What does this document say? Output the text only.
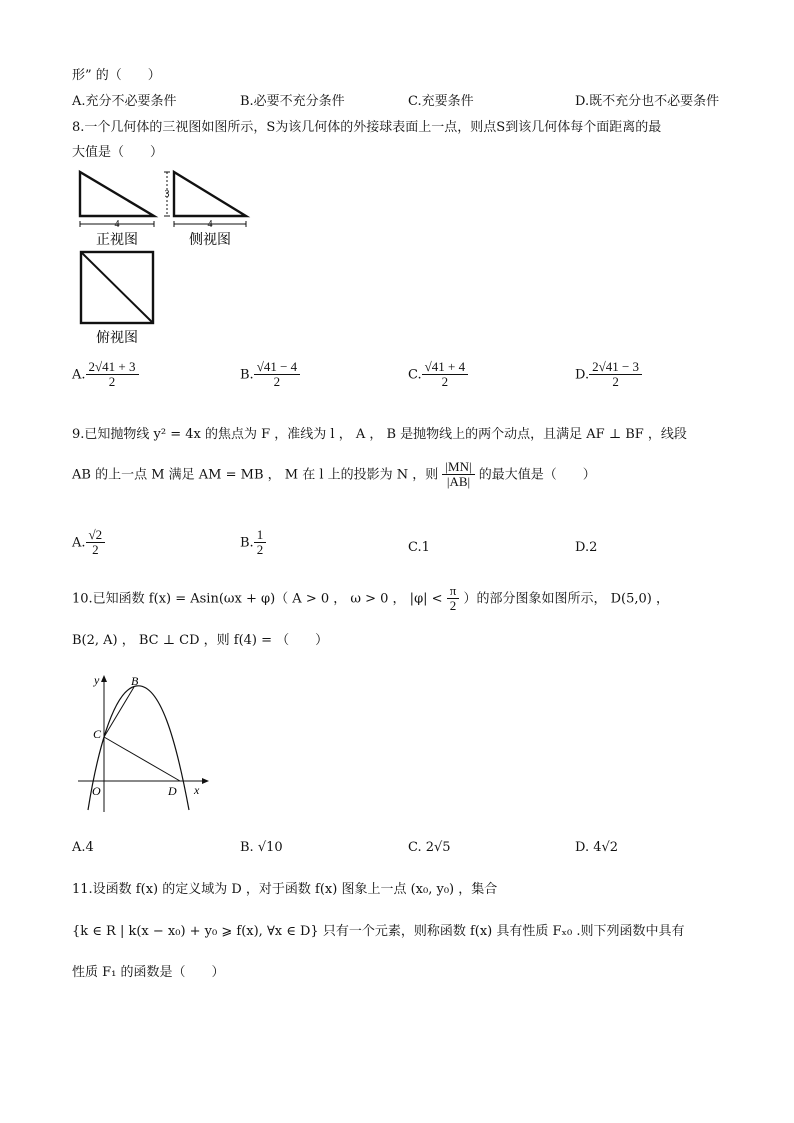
形” 的（　　）
A.充分不必要条件	B.必要不充分条件	C.充要条件	D.既不充分也不必要条件
8.一个几何体的三视图如图所示，S为该几何体的外接球表面上一点，则点S到该几何体每个面距离的最
大值是（　　）
4
正视图
3
4
侧视图
俯视图
A. $\frac{2√41 + 3}{2}$	B. $\frac{√41 - 4}{2}$	C. $\frac{√41 + 4}{2}$	D. $\frac{2√41 - 3}{2}$
9.已知抛物线 y² = 4x 的焦点为 F ，准线为 l ， A ， B 是抛物线上的两个动点，且满足 AF ⊥ BF ，线段
AB 的上一点 M 满足 AM = MB ， M 在 l 上的投影为 N ，则 $\frac{|MN|}{|AB|}$ 的最大值是（　　）
A. $\frac{√2}{2}$	B. $\frac{1}{2}$	C.1	D.2
10.已知函数 f(x) = Asin(ωx + φ)（ A > 0 ， ω > 0 ， $|\varphi| < \frac{\pi}{2}$ ）的部分图象如图所示， D(5,0) ，
B(2, A) ， BC ⊥ CD ，则 f(4) = （　　）
y
x
B
C
O	D
A.4	B. √10	C. 2√5	D. 4√2
11.设函数 f(x) 的定义域为 D ，对于函数 f(x) 图象上一点 (x₀, y₀) ，集合
{k ∈ R | k(x − x₀) + y₀ ⩾ f(x), ∀x ∈ D} 只有一个元素，则称函数 f(x) 具有性质 Fₓ₀ .则下列函数中具有
性质 F₁ 的函数是（　　）
